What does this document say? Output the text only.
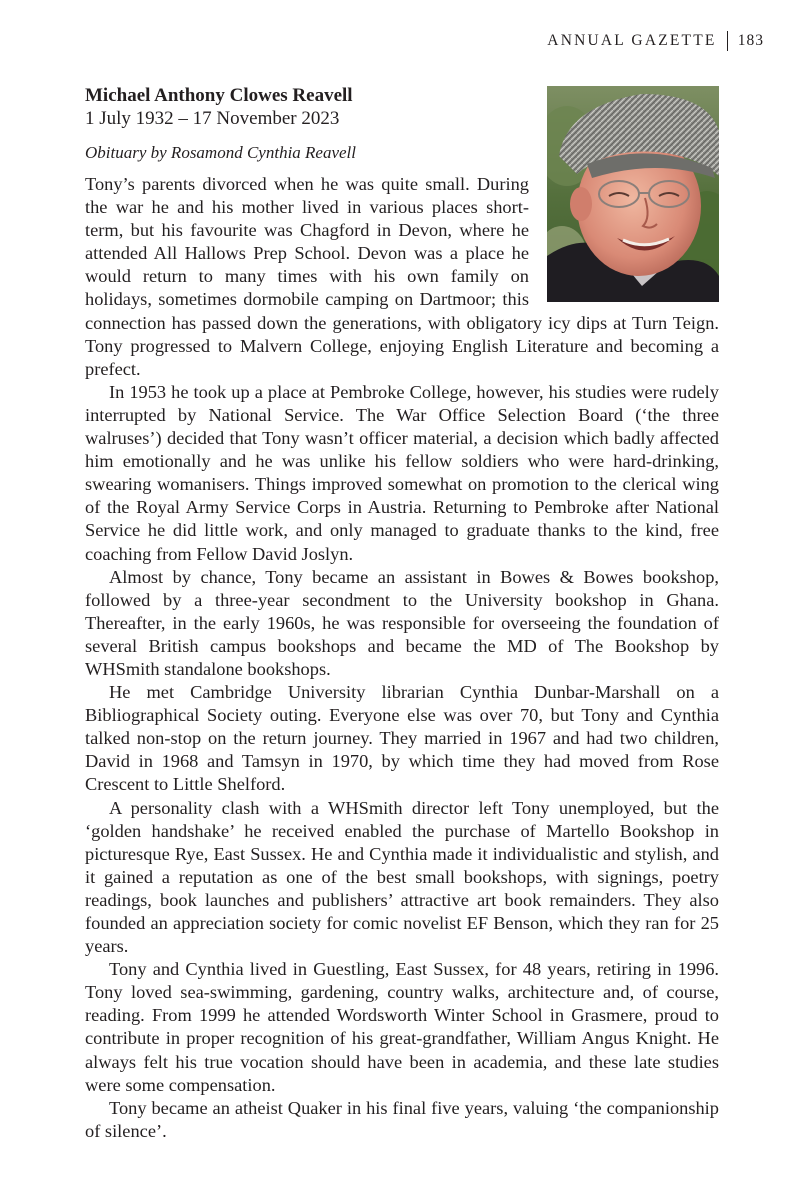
ANNUAL GAZETTE 183

Michael Anthony Clowes Reavell

1 July 1932 – 17 November 2023

Obituary by Rosamond Cynthia Reavell

Tony’s parents divorced when he was quite small. During the war he and his mother lived in various places short-term, but his favourite was Chagford in Devon, where he attended All Hallows Prep School. Devon was a place he would return to many times with his own family on holidays, sometimes dormobile camping on Dartmoor; this connection has passed down the generations, with obligatory icy dips at Turn Teign. Tony progressed to Malvern College, enjoying English Literature and becoming a prefect.

In 1953 he took up a place at Pembroke College, however, his studies were rudely interrupted by National Service. The War Office Selection Board (‘the three walruses’) decided that Tony wasn’t officer material, a decision which badly affected him emotionally and he was unlike his fellow soldiers who were hard-drinking, swearing womanisers. Things improved somewhat on promotion to the clerical wing of the Royal Army Service Corps in Austria. Returning to Pembroke after National Service he did little work, and only managed to graduate thanks to the kind, free coaching from Fellow David Joslyn.

Almost by chance, Tony became an assistant in Bowes & Bowes bookshop, followed by a three-year secondment to the University bookshop in Ghana. Thereafter, in the early 1960s, he was responsible for overseeing the foundation of several British campus bookshops and became the MD of The Bookshop by WHSmith standalone bookshops.

He met Cambridge University librarian Cynthia Dunbar-Marshall on a Bibliographical Society outing. Everyone else was over 70, but Tony and Cynthia talked non-stop on the return journey. They married in 1967 and had two children, David in 1968 and Tamsyn in 1970, by which time they had moved from Rose Crescent to Little Shelford.

A personality clash with a WHSmith director left Tony unemployed, but the ‘golden handshake’ he received enabled the purchase of Martello Bookshop in picturesque Rye, East Sussex. He and Cynthia made it individualistic and stylish, and it gained a reputation as one of the best small bookshops, with signings, poetry readings, book launches and publishers’ attractive art book remainders. They also founded an appreciation society for comic novelist EF Benson, which they ran for 25 years.

Tony and Cynthia lived in Guestling, East Sussex, for 48 years, retiring in 1996. Tony loved sea-swimming, gardening, country walks, architecture and, of course, reading. From 1999 he attended Wordsworth Winter School in Grasmere, proud to contribute in proper recognition of his great-grandfather, William Angus Knight. He always felt his true vocation should have been in academia, and these late studies were some compensation.

Tony became an atheist Quaker in his final five years, valuing ‘the companionship of silence’.
